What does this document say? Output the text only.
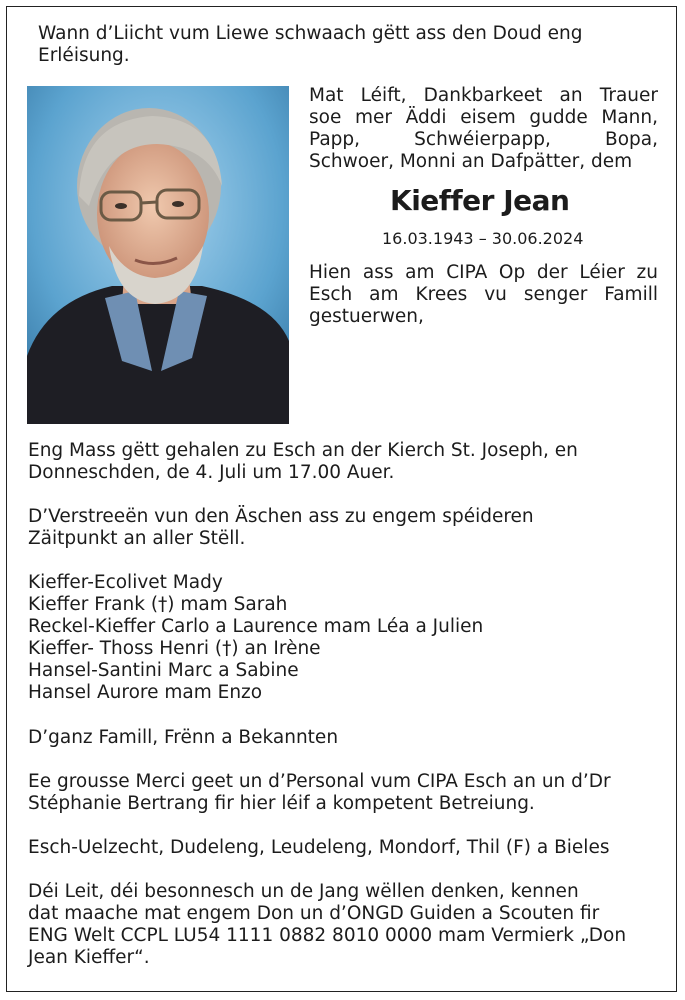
Wann d’Liicht vum Liewe schwaach gëtt ass den Doud eng
Erléisung.
Mat Léift, Dankbarkeet an Trauer
soe mer Äddi eisem gudde Mann,
Papp, Schwéierpapp, Bopa,
Schwoer, Monni an Dafpätter, dem
Kieffer Jean
16.03.1943 – 30.06.2024
Hien ass am CIPA Op der Léier zu
Esch am Krees vu senger Famill
gestuerwen,
Eng Mass gëtt gehalen zu Esch an der Kierch St. Joseph, en
Donneschden, de 4. Juli um 17.00 Auer.
D’Verstreeën vun den Äschen ass zu engem spéideren
Zäitpunkt an aller Stëll.
Kieffer-Ecolivet Mady
Kieffer Frank (†) mam Sarah
Reckel-Kieffer Carlo a Laurence mam Léa a Julien
Kieffer- Thoss Henri (†) an Irène
Hansel-Santini Marc a Sabine
Hansel Aurore mam Enzo
D’ganz Famill, Frënn a Bekannten
Ee grousse Merci geet un d’Personal vum CIPA Esch an un d’Dr
Stéphanie Bertrang fir hier léif a kompetent Betreiung.
Esch-Uelzecht, Dudeleng, Leudeleng, Mondorf, Thil (F) a Bieles
Déi Leit, déi besonnesch un de Jang wëllen denken, kennen
dat maache mat engem Don un d’ONGD Guiden a Scouten fir
ENG Welt CCPL LU54 1111 0882 8010 0000 mam Vermierk „Don
Jean Kieffer“.
